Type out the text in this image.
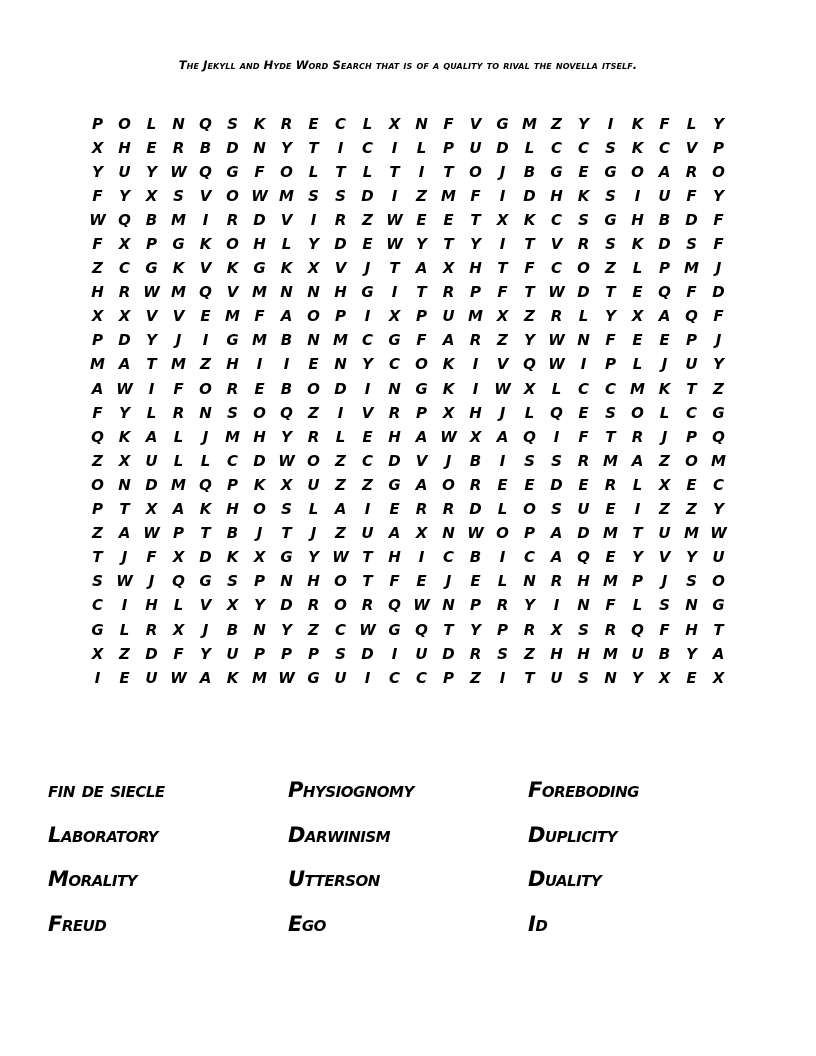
The Jekyll and Hyde Word Search that is of a quality to rival the novella itself.
P	O	L	N Q	S	K	R	E	C	L	X N	F	V	G M Z	Y	I	K	F	L	Y
X H	E	R	B	D N	Y	T	I	C	I	L	P	U D	L	C	C	S	K	C	V	P
Y	U	Y W Q G	F	O	L	T	L	T	I	T	O	J	B	G	E	G O A	R O
F	Y	X	S	V O W M S	S	D	I	Z M F	I	D H K	S	I	U	F	Y
W Q B M	I	R D V	I	R	Z W E	E	T	X	K	C	S	G H	B	D	F
F	X	P	G	K O H	L	Y	D	E W Y	T	Y	I	T	V	R	S	K D	S	F
Z	C	G	K	V	K	G	K	X	V	J	T	A	X H	T	F	C	O	Z	L	P M	J
H R W M Q V M N N H G	I	T	R	P	F	T W D	T	E	Q	F	D
X	X	V	V	E M F	A O	P	I	X	P	U M X	Z	R	L	Y	X	A Q	F
P	D	Y	J	I	G M B	N M C	G	F	A	R	Z	Y W N	F	E	E	P	J
M A	T M Z	H	I	I	E	N	Y	C	O K	I	V Q W	I	P	L	J	U	Y
A W	I	F	O R	E	B O D	I	N G	K	I	W X	L	C	C M K	T	Z
F	Y	L	R N	S	O Q	Z	I	V	R	P	X H	J	L	Q	E	S	O	L	C	G
Q K	A	L	J	M H	Y	R	L	E	H A W X	A Q	I	F	T	R	J	P	Q
Z	X	U	L	L	C	D W O	Z	C	D V	J	B	I	S	S	R M A	Z	O M
O N D M Q	P	K	X	U	Z	Z	G	A O R	E	E	D	E	R	L	X	E	C
P	T	X	A	K H O	S	L	A	I	E	R	R D	L	O	S	U	E	I	Z	Z	Y
Z	A W P	T	B	J	T	J	Z	U	A	X N W O	P	A D M T	U M W
T	J	F	X D K	X	G	Y W T	H	I	C	B	I	C	A Q	E	Y	V	Y	U
S W	J	Q G	S	P	N H O	T	F	E	J	E	L	N R H M P	J	S	O
C	I	H	L	V	X	Y	D	R O R Q W N	P	R	Y	I	N	F	L	S	N G
G	L	R	X	J	B	N	Y	Z	C W G Q	T	Y	P	R	X	S	R Q	F	H	T
X	Z	D	F	Y	U	P	P	P	S	D	I	U D	R	S	Z	H H M U	B	Y	A
I	E	U W A	K M W G U	I	C	C	P	Z	I	T	U	S	N	Y	X	E	X
fin de siecle	Physiognomy	Foreboding
Laboratory	Darwinism	Duplicity
Morality	Utterson	Duality
Freud	Ego	Id
